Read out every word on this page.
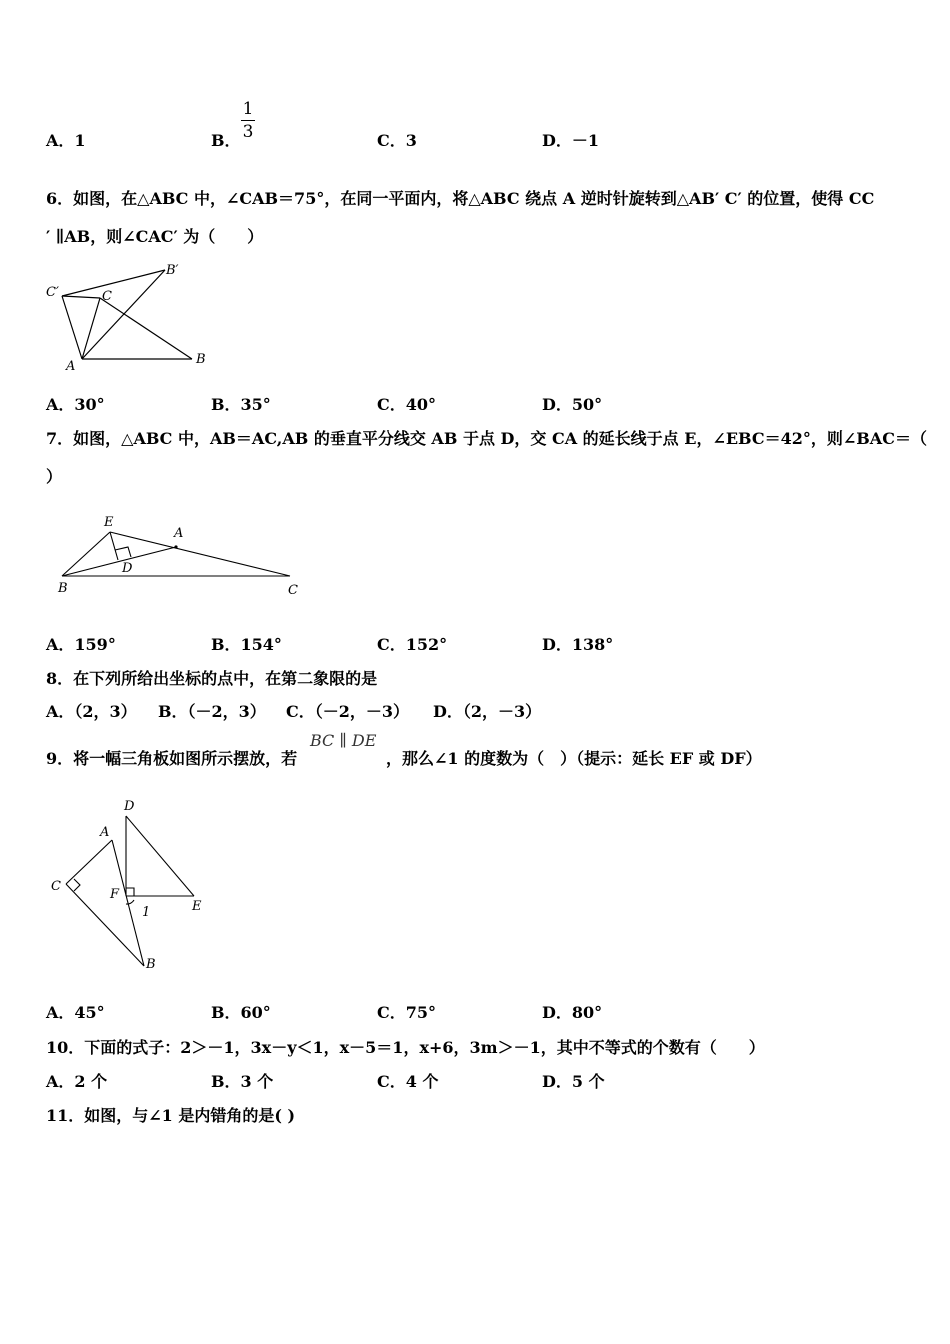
A．1	B．
1
3	C．3	D．－1
6．如图，在△ABC 中，∠CAB＝75°，在同一平面内，将△ABC 绕点 A 逆时针旋转到△AB′ C′ 的位置，使得 CC
′ ∥AB，则∠CAC′ 为（　　）
C′	C
B′
A	B
A．30°	B．35°	C．40°	D．50°
7．如图，△ABC 中，AB＝AC,AB 的垂直平分线交 AB 于点 D，交 CA 的延长线于点 E，∠EBC＝42°，则∠BAC＝（
）
E
A
D
B	C
A．159°	B．154°	C．152°	D．138°
8．在下列所给出坐标的点中，在第二象限的是
A．（2，3） B．（－2，3） C．（－2，－3） D．（2，－3）
9．将一幅三角板如图所示摆放，若
BC ∥ DE
，那么∠1 的度数为（　）（提示：延长 EF 或 DF）
D
A
C
F
1	E
B
A．45°	B．60°	C．75°	D．80°
10．下面的式子：2＞－1，3x－y＜1，x－5＝1，x+6，3m＞－1，其中不等式的个数有（　　）
A．2 个	B．3 个	C．4 个	D．5 个
11．如图，与∠1 是内错角的是( )
